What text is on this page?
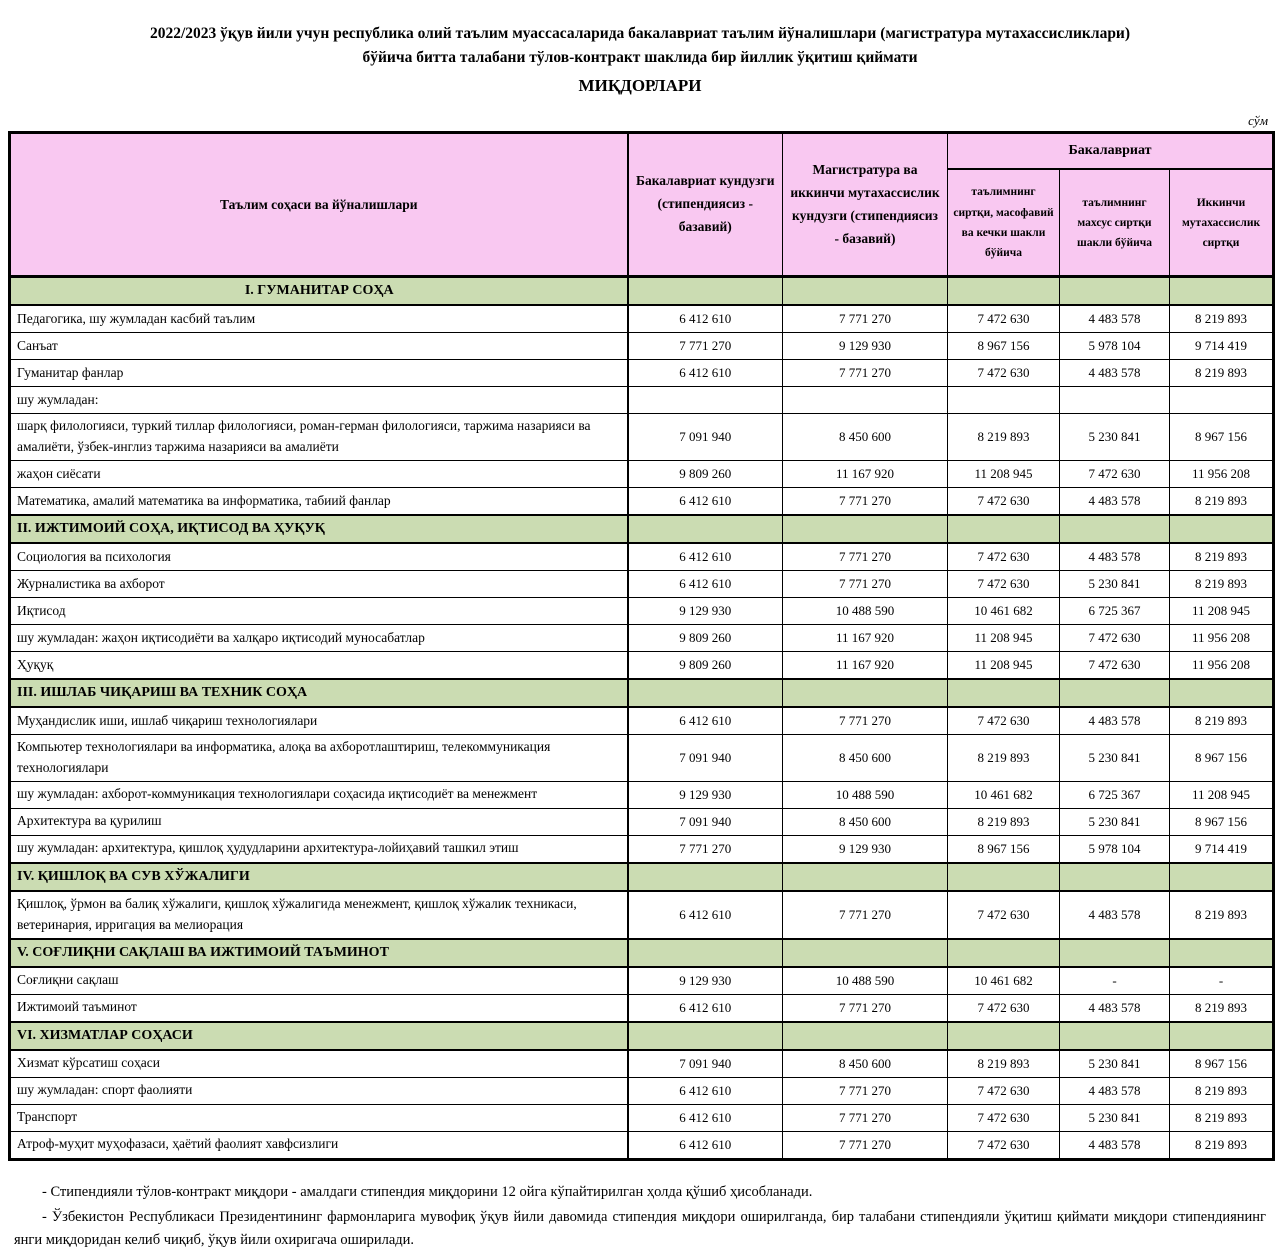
2022/2023 ўқув йили учун республика олий таълим муассасаларида бакалавриат таълим йўналишлари (магистратура мутахассисликлари)
бўйича битта талабани тўлов-контракт шаклида бир йиллик ўқитиш қиймати
МИҚДОРЛАРИ
сўм
Таълим соҳаси ва йўналишлари	Бакалавриат кундузги (стипендиясиз - базавий)	Магистратура ва иккинчи мутахассислик кундузги (стипендиясиз - базавий)	Бакалавриат		
			таълимнинг сиртқи, масофавий ва кечки шакли бўйича	таълимнинг махсус сиртқи шакли бўйича	Иккинчи мутахассислик сиртқи
I. ГУМАНИТАР СОҲА					
Педагогика, шу жумладан касбий таълим	6 412 610	7 771 270	7 472 630	4 483 578	8 219 893
Санъат	7 771 270	9 129 930	8 967 156	5 978 104	9 714 419
Гуманитар фанлар	6 412 610	7 771 270	7 472 630	4 483 578	8 219 893
шу жумладан:					
шарқ филологияси, туркий тиллар филологияси, роман-герман филологияси, таржима назарияси ва амалиёти, ўзбек-инглиз таржима назарияси ва амалиёти	7 091 940	8 450 600	8 219 893	5 230 841	8 967 156
жаҳон сиёсати	9 809 260	11 167 920	11 208 945	7 472 630	11 956 208
Математика, амалий математика ва информатика, табиий фанлар	6 412 610	7 771 270	7 472 630	4 483 578	8 219 893
II. ИЖТИМОИЙ СОҲА, ИҚТИСОД ВА ҲУҚУҚ					
Социология ва психология	6 412 610	7 771 270	7 472 630	4 483 578	8 219 893
Журналистика ва ахборот	6 412 610	7 771 270	7 472 630	5 230 841	8 219 893
Иқтисод	9 129 930	10 488 590	10 461 682	6 725 367	11 208 945
шу жумладан: жаҳон иқтисодиёти ва халқаро иқтисодий муносабатлар	9 809 260	11 167 920	11 208 945	7 472 630	11 956 208
Ҳуқуқ	9 809 260	11 167 920	11 208 945	7 472 630	11 956 208
III. ИШЛАБ ЧИҚАРИШ ВА ТЕХНИК СОҲА					
Муҳандислик иши, ишлаб чиқариш технологиялари	6 412 610	7 771 270	7 472 630	4 483 578	8 219 893
Компьютер технологиялари ва информатика, алоқа ва ахборотлаштириш, телекоммуникация технологиялари	7 091 940	8 450 600	8 219 893	5 230 841	8 967 156
шу жумладан: ахборот-коммуникация технологиялари соҳасида иқтисодиёт ва менежмент	9 129 930	10 488 590	10 461 682	6 725 367	11 208 945
Архитектура ва қурилиш	7 091 940	8 450 600	8 219 893	5 230 841	8 967 156
шу жумладан: архитектура, қишлоқ ҳудудларини архитектура-лойиҳавий ташкил этиш	7 771 270	9 129 930	8 967 156	5 978 104	9 714 419
IV. ҚИШЛОҚ ВА СУВ ХЎЖАЛИГИ					
Қишлоқ, ўрмон ва балиқ хўжалиги, қишлоқ хўжалигида менежмент, қишлоқ хўжалик техникаси, ветеринария, ирригация ва мелиорация	6 412 610	7 771 270	7 472 630	4 483 578	8 219 893
V. СОҒЛИҚНИ САҚЛАШ ВА ИЖТИМОИЙ ТАЪМИНОТ					
Соғлиқни сақлаш	9 129 930	10 488 590	10 461 682	-	-
Ижтимоий таъминот	6 412 610	7 771 270	7 472 630	4 483 578	8 219 893
VI. ХИЗМАТЛАР СОҲАСИ					
Хизмат кўрсатиш соҳаси	7 091 940	8 450 600	8 219 893	5 230 841	8 967 156
шу жумладан: спорт фаолияти	6 412 610	7 771 270	7 472 630	4 483 578	8 219 893
Транспорт	6 412 610	7 771 270	7 472 630	5 230 841	8 219 893
Атроф-муҳит муҳофазаси, ҳаётий фаолият хавфсизлиги	6 412 610	7 771 270	7 472 630	4 483 578	8 219 893

- Стипендияли тўлов-контракт миқдори - амалдаги стипендия миқдорини 12 ойга кўпайтирилган ҳолда қўшиб ҳисобланади.

- Ўзбекистон Республикаси Президентининг фармонларига мувофиқ ўқув йили давомида стипендия миқдори оширилганда, бир талабани стипендияли ўқитиш қиймати миқдори стипендиянинг янги миқдоридан келиб чиқиб, ўқув йили охиригача оширилади.
